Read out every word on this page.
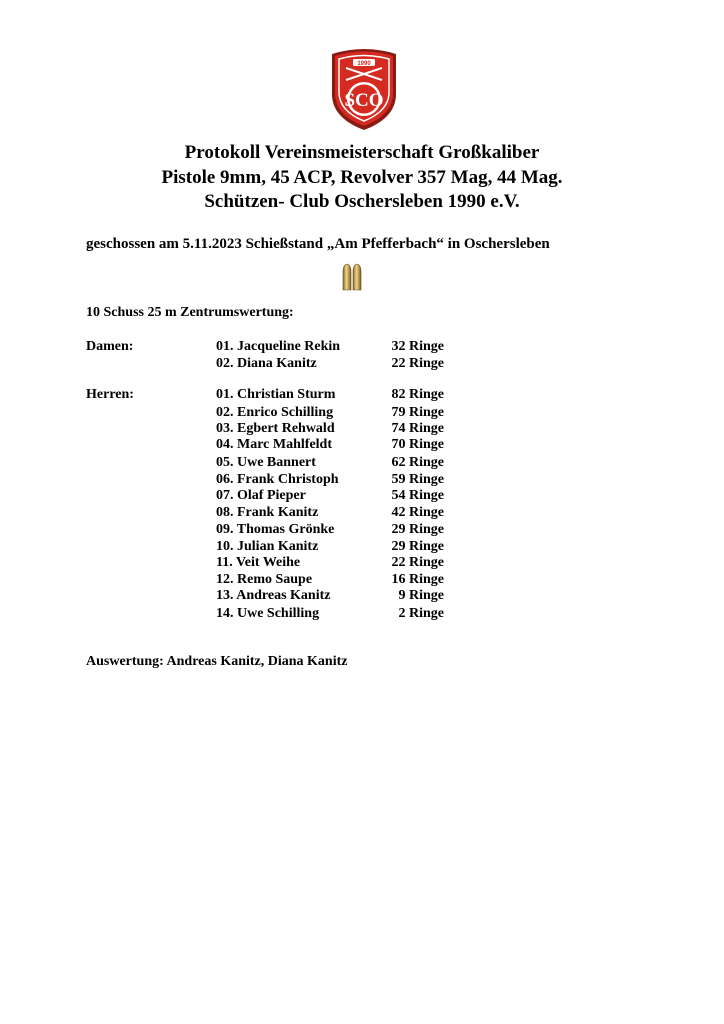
1990
SCO
Protokoll Vereinsmeisterschaft Großkaliber
Pistole 9mm, 45 ACP, Revolver 357 Mag, 44 Mag.
Schützen- Club Oschersleben 1990 e.V.
geschossen am 5.11.2023 Schießstand „Am Pfefferbach“ in Oschersleben
10 Schuss 25 m Zentrumswertung:
Damen:	01. Jacqueline Rekin	32 Ringe
02. Diana Kanitz	22 Ringe
Herren:	01. Christian Sturm	82 Ringe
02. Enrico Schilling	79 Ringe
03. Egbert Rehwald	74 Ringe
04. Marc Mahlfeldt	70 Ringe
05. Uwe Bannert	62 Ringe
06. Frank Christoph	59 Ringe
07. Olaf Pieper	54 Ringe
08. Frank Kanitz	42 Ringe
09. Thomas Grönke	29 Ringe
10. Julian Kanitz	29 Ringe
11. Veit Weihe	22 Ringe
12. Remo Saupe	16 Ringe
13. Andreas Kanitz	9 Ringe
14. Uwe Schilling	2 Ringe
Auswertung: Andreas Kanitz, Diana Kanitz
